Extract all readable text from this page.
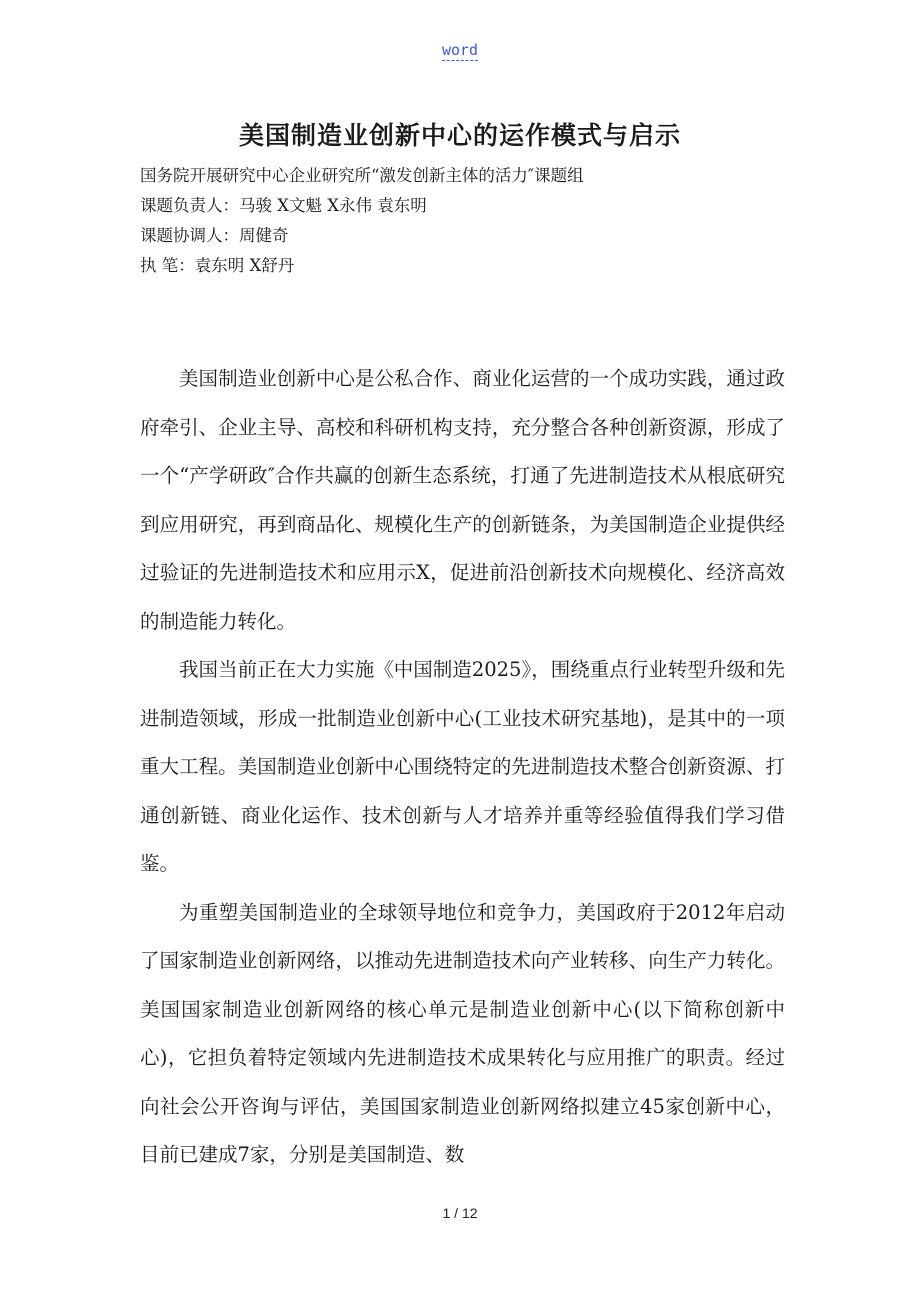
word
美国制造业创新中心的运作模式与启示
国务院开展研究中心企业研究所“激发创新主体的活力″课题组
课题负责人：马骏 X文魁 X永伟 袁东明
课题协调人：周健奇
执 笔：袁东明 X舒丹

美国制造业创新中心是公私合作、商业化运营的一个成功实践，通过政府牵引、企业主导、高校和科研机构支持，充分整合各种创新资源，形成了一个“产学研政″合作共赢的创新生态系统，打通了先进制造技术从根底研究到应用研究，再到商品化、规模化生产的创新链条，为美国制造企业提供经过验证的先进制造技术和应用示X，促进前沿创新技术向规模化、经济高效的制造能力转化。

我国当前正在大力实施《中国制造2025》，围绕重点行业转型升级和先进制造领域，形成一批制造业创新中心(工业技术研究基地)，是其中的一项重大工程。美国制造业创新中心围绕特定的先进制造技术整合创新资源、打通创新链、商业化运作、技术创新与人才培养并重等经验值得我们学习借鉴。

为重塑美国制造业的全球领导地位和竞争力，美国政府于2012年启动了国家制造业创新网络，以推动先进制造技术向产业转移、向生产力转化。美国国家制造业创新网络的核心单元是制造业创新中心(以下简称创新中心)，它担负着特定领域内先进制造技术成果转化与应用推广的职责。经过向社会公开咨询与评估，美国国家制造业创新网络拟建立45家创新中心，目前已建成7家，分别是美国制造、数

1 / 12
